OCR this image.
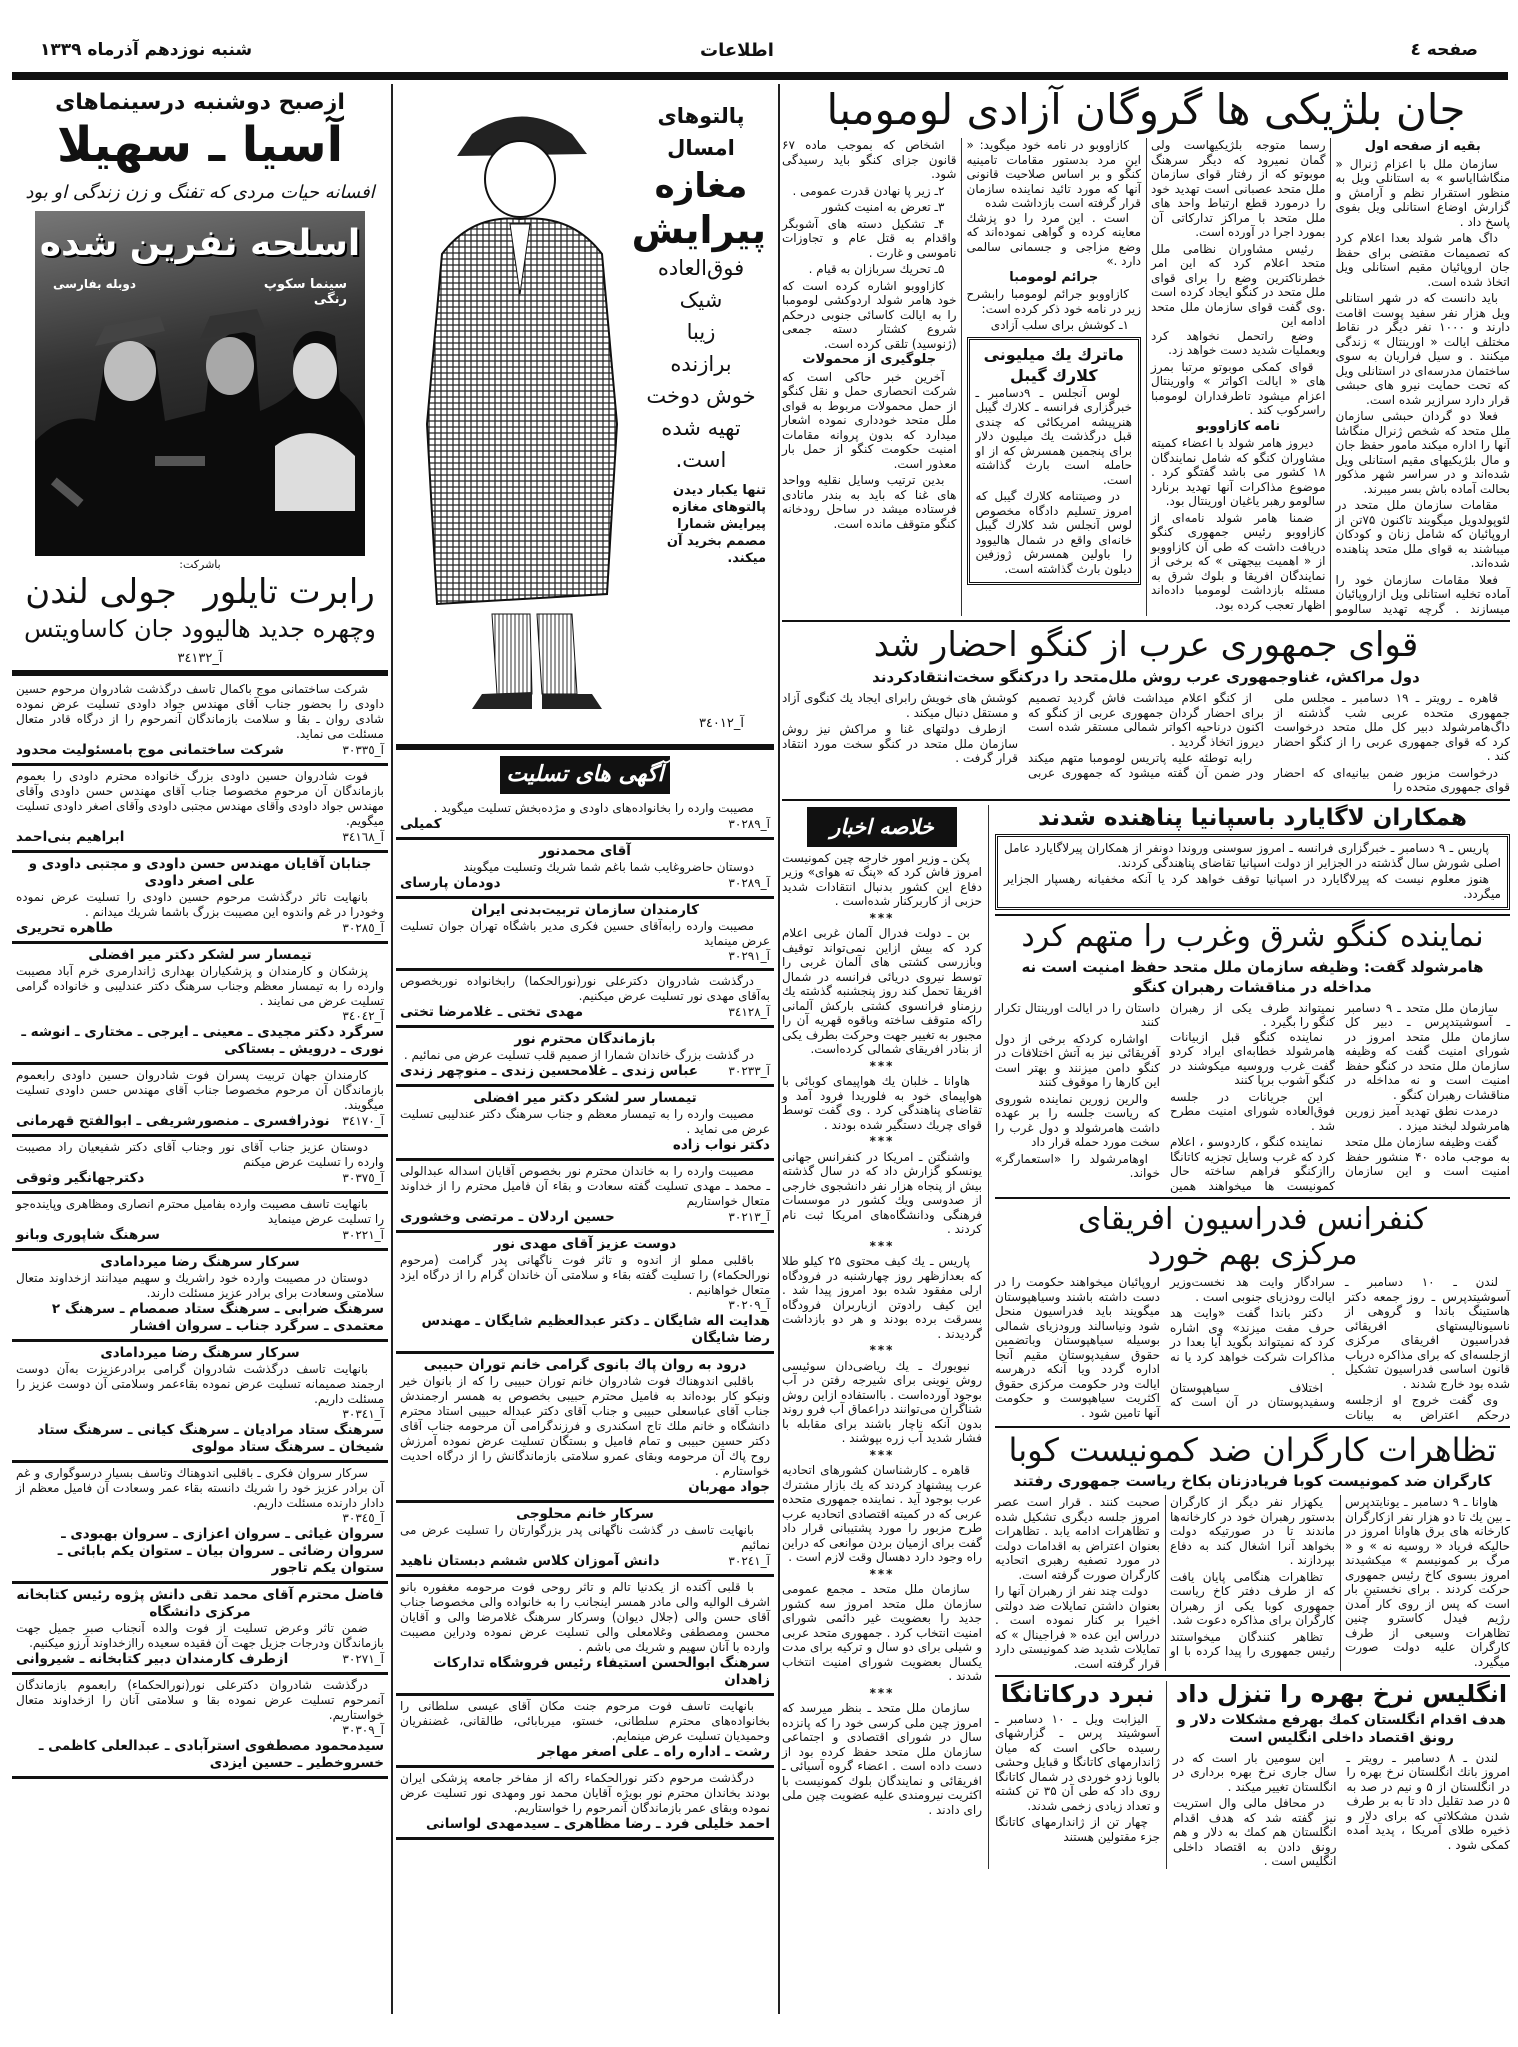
شنبه نوزدهم آذرماه ۱۳۳۹	اطلاعات	صفحه ٤
ازصبح دوشنبه درسینماهای
آسیا ـ سهیلا
افسانه حیات مردی که تفنگ و زن زندگی او بود
اسلحه نفرین شده
سینما سکوپ
رنگی
دوبله بفارسی
باشرکت:
رابرت تایلور
جولی لندن
وچهره جدید هالیوود جان کاساویتس
آ_٣٤١٣٢
شرکت ساختمانی موج باکمال تاسف درگذشت شادروان مرحوم حسین داودی را بحضور جناب آقای مهندس جواد داودی تسلیت عرض نموده شادی روان ـ بقا و سلامت بازماندگان آنمرحوم را از درگاه قادر متعال مسئلت می نماید.
آ_٣٠٣٣٥
شرکت ساختمانی موج بامسئولیت محدود
فوت شادروان حسین داودی بزرگ خانواده محترم داودی را بعموم بازماندگان آن مرحوم مخصوصا جناب آقای مهندس حسن داودی وآقای مهندس جواد داودی وآقای مهندس مجتبی داودی وآقای اصغر داودی تسلیت میگویم.
آ_٣٤١٦٨
ابراهیم بنی‌احمد
جنابان آقایان مهندس حسن داودی و مجتبی داودی و علی اصغر داودی
بانهایت تاثر درگذشت مرحوم حسین داودی را تسلیت عرض نموده وخودرا در غم واندوه این مصیبت بزرگ باشما شریك میدانم .
آ_٣٠٢٨٥
طاهره تحریری
تیمسار سر لشکر دکتر میر افضلی
پزشکان و کارمندان و پزشکیاران بهداری ژاندارمری خرم آباد مصیبت وارده را به تیمسار معظم وجناب سرهنگ دکتر عندلیبی و خانواده گرامی تسلیت عرض می نمایند .
آ_٣٤٠٤٢
سرگرد دکتر مجیدی ـ معینی ـ ایرجی ـ مختاری ـ انوشه ـ نوری ـ درویش ـ بستاکی
کارمندان جهان تربیت پسران فوت شادروان حسین داودی رابعموم بازماندگان آن مرحوم مخصوصا جناب آقای مهندس حسن داودی تسلیت میگویند.
آ_٣٤١٧٠
نوذرافسری ـ منصورشریفی ـ ابوالفتح قهرمانی
دوستان عزیز جناب آقای نور وجناب آقای دکتر شفیعیان راد مصیبت وارده را تسلیت عرض میکنم
آ_٣٠٣٧٥
دکترجهانگیر وثوقی
بانهایت تاسف مصیبت وارده بفامیل محترم انصاری ومظاهری وپاینده‌جو را تسلیت عرض مینماید
آ_٣٠٢٢١
سرهنگ شاپوری وبانو
سرکار سرهنگ رضا میردامادی
دوستان در مصیبت وارده خود راشریك و سهیم میدانند ازخداوند متعال سلامتی وسعادت برای برادر عزیز مسئلت دارند.
سرهنگ ضرابی ـ سرهنگ ستاد صمصام ـ سرهنگ ۲ معتمدی ـ سرگرد جناب ـ سروان افشار
سرکار سرهنگ رضا میردامادی
بانهایت تاسف درگذشت شادروان گرامی برادرعزیزت به‌آن دوست ارجمند صمیمانه تسلیت عرض نموده بقاءعمر وسلامتی آن دوست عزیز را مسئلت داریم.
آ_٣٠٣٤١
سرهنگ ستاد مرادیان ـ سرهنگ کیانی ـ سرهنگ ستاد شیخان ـ سرهنگ ستاد مولوی
سرکار سروان فکری ـ باقلبی اندوهناك وتاسف بسیار درسوگواری و غم آن برادر عزیز خود را شریك دانسته بقاء عمر وسعادت آن فامیل معظم از دادار دارنده مسئلت داریم.
آ_٣٠٣٤٥
سروان غیاثی ـ سروان اعزازی ـ سروان بهبودی ـ سروان رضائی ـ سروان بیان ـ ستوان یکم بابائی ـ ستوان یکم تاجور
فاضل محترم آقای محمد تقی دانش پژوه رئیس کتابخانه مرکزی دانشگاه
ضمن تاثر وعرض تسلیت از فوت والده آنجناب صبر جمیل جهت بازماندگان ودرجات جزیل جهت آن فقیده سعیده راازخداوند آرزو میکنیم.
آ_٣٠٢٧١
ازطرف کارمندان دبیر کتابخانه ـ شیروانی
درگذشت شادروان دکترعلی نور(نورالحکماء) رابعموم بازماندگان آنمرحوم تسلیت عرض نموده بقا و سلامتی آنان را ازخداوند متعال خواستاریم.
آ_٣٠٣٠٩
سیدمحمود مصطفوی استرآبادی ـ عبدالعلی کاظمی ـ خسروخطیر ـ حسین ایزدی
پالتوهای
امسال
مغازه
پیرایش
فوق‌العاده
شیک
زیبا
برازنده
خوش دوخت
تهیه شده
است.
تنها یکبار دیدن پالتوهای مغازه پیرایش شمارا مصمم بخرید آن میکند.
آ_٣٤٠١٢
آگهی های تسلیت
مصیبت وارده را بخانواده‌های داودی و مژده‌بخش تسلیت میگوید .
آ_٣٠٢٨٩
کمیلی
آقای محمدنور
دوستان حاضروغایب شما باغم شما شریك وتسلیت میگویند
آ_٣٠٢٨٩
دودمان پارسای
کارمندان سازمان تربیت‌بدنی ایران
مصیبت وارده رابه‌آقای حسین فکری مدیر باشگاه تهران جوان تسلیت عرض مینماید
آ_٣٠٢٩١
درگذشت شادروان دکترعلی نور(نورالحکما) رابخانواده نوربخصوص به‌آقای مهدی نور تسلیت عرض میکنیم.
آ_٣٤١٢٨
مهدی تختی ـ غلامرضا تختی
بازماندگان محترم نور
در گذشت بزرگ خاندان شمارا از صمیم قلب تسلیت عرض می نمائیم .
آ_٣٠٢٣٣
عباس زندی ـ غلامحسین زندی ـ منوچهر زندی
تیمسار سر لشکر دکتر میر افضلی
مصیبت وارده را به تیمسار معظم و جناب سرهنگ دکتر عندلیبی تسلیت عرض می نماید .
دکتر نواب زاده
مصیبت وارده را به خاندان محترم نور بخصوص آقایان اسداله عبدالولی ـ محمد ـ مهدی تسلیت گفته سعادت و بقاء آن فامیل محترم را از خداوند متعال خواستاریم
آ_٣٠٢١٣
حسین اردلان ـ مرتضی وخشوری
دوست عزیز آقای مهدی نور
باقلبی مملو از اندوه و تاثر فوت ناگهانی پدر گرامت (مرحوم نورالحکماء) را تسلیت گفته بقاء و سلامتی آن خاندان گرام را از درگاه ایزد متعال خواهانیم .
آ_٣٠٢٠٩
هدایت اله شایگان ـ دکتر عبدالعظیم شایگان ـ مهندس رضا شایگان
درود به روان پاك بانوی گرامی خانم توران حبیبی
باقلبی اندوهناك فوت شادروان خانم توران حبیبی را که از بانوان خیر ونیکو کار بوده‌اند به فامیل محترم حبیبی بخصوص به همسر ارجمندش جناب آقای عباسعلی حبیبی و جناب آقای دکتر عبداله حبیبی استاد محترم دانشگاه و خانم ملك تاج اسکندری و فرزندگرامی آن مرحومه جناب آقای دکتر حسین حبیبی و تمام فامیل و بستگان تسلیت عرض نموده آمرزش روح پاك آن مرحومه وبقای عمرو سلامتی بازماندگانش را از درگاه احدیت خواستارم .
جواد مهربان
سرکار خانم محلوجی
بانهایت تاسف در گذشت ناگهانی پدر بزرگوارتان را تسلیت عرض می نمائیم
آ_٣٠٢٤١
دانش آموزان کلاس ششم دبستان ناهید
با قلبی آکنده از یکدنیا تالم و تاثر روحی فوت مرحومه مغفوره بانو اشرف الوالیه والی مادر همسر اینجانب را به خانواده والی مخصوصا جناب آقای حسن والی (جلال دیوان) وسرکار سرهنگ غلامرضا والی و آقایان محسن ومصطفی وغلامعلی والی تسلیت عرض نموده ودراین مصیبت وارده با آنان سهیم و شریك می باشم .
سرهنگ ابوالحسن استیفاء رئیس فروشگاه تدارکات زاهدان
بانهایت تاسف فوت مرحوم جنت مکان آقای عیسی سلطانی را بخانواده‌های محترم سلطانی، خستو، میربابائی، طالقانی، غضنفریان وحمیدیان تسلیت عرض مینمایم.
رشت ـ اداره راه ـ علی اصغر مهاجر
درگذشت مرحوم دکتر نورالحکماء راکه از مفاخر جامعه پزشکی ایران بودند بخاندان محترم نور بویژه آقایان محمد نور ومهدی نور تسلیت عرض نموده وبقای عمر بازماندگان آنمرحوم را خواستاریم.
احمد خلیلی فرد ـ رضا مظاهری ـ سیدمهدی لواسانی
جان بلژیکی ها گروگان آزادی لومومبا
بقیه از صفحه اول

سازمان ملل با اعزام ژنرال « منگاشاایاسو » به استانلی ویل به منظور استقرار نظم و آرامش و گزارش اوضاع استانلی ویل بفوی پاسخ داد .

داگ هامر شولد بعدا اعلام کرد که تصمیمات مقتضی برای حفظ جان اروپائیان مقیم استانلی ویل اتخاذ شده است.

باید دانست که در شهر استانلی ویل هزار نفر سفید پوست اقامت دارند و ۱۰۰۰ نفر دیگر در نقاط مختلف ایالت « اورینتال » زندگی میکنند . و سیل فراریان به سوی ساختمان مدرسه‌ای در استانلی ویل که تحت حمایت نیرو های حبشی قرار دارد سرازیر شده است.

فعلا دو گردان حبشی سازمان ملل متحد که شخص ژنرال منگاشا آنها را اداره میکند مامور حفظ جان و مال بلژیکیهای مقیم استانلی ویل شده‌اند و در سراسر شهر مذکور بحالت آماده باش بسر میبرند.

مقامات سازمان ملل متحد در لئوپولدویل میگویند تاکنون ۷۵تن از اروپائیان که شامل زنان و کودکان میباشند به قوای ملل متحد پناهنده شده‌اند.

فعلا مقامات سازمان خود را آماده تخلیه استانلی ویل ازاروپائیان میسازند . گرچه تهدید سالومو رسما متوجه بلژیکیهاست ولی گمان نمیرود که دیگر سرهنگ موبوتو که از رفتار قوای سازمان ملل متحد عصبانی است تهدید خود را درمورد قطع ارتباط واحد های ملل متحد با مراکز تدارکاتی آن بمورد اجرا در آورده است.

رئیس مشاوران نظامی ملل متحد اعلام کرد که این امر خطرناکترین وضع را برای قوای ملل متحد در کنگو ایجاد کرده است .وی گفت قوای سازمان ملل متحد ادامه این

وضع راتحمل نخواهد کرد وبعملیات شدید دست خواهد زد.

قوای کمکی موبوتو مرتبا بمرز های « ایالت اکواتر » واورینتال اعزام میشود تاطرفداران لومومبا راسرکوب کند .

نامه کازاووبو

دیروز هامر شولد با اعضاء کمیته مشاوران کنگو که شامل نمایندگان ۱۸ کشور می باشد گفتگو کرد . موضوع مذاکرات آنها تهدید برنارد سالومو رهبر یاغیان اورینتال بود.

ضمنا هامر شولد نامه‌ای از کازاووبو رئیس جمهوری کنگو دریافت داشت که طی آن کازاووبو از « اهمیت بیجهتی » که برخی از نمایندگان افریقا و بلوك شرق به مسئله بازداشت لومومبا داده‌اند اظهار تعجب کرده بود.

کازاووبو در نامه خود میگوید: « این مرد بدستور مقامات تامینیه کنگو و بر اساس صلاحیت قانونی آنها که مورد تائید نماینده سازمان قرار گرفته است بازداشت شده

است . این مرد را دو پزشك معاینه کرده و گواهی نموده‌اند که وضع مزاجی و جسمانی سالمی دارد .»

جرائم لومومبا

کازاووبو جرائم لومومبا رابشرح زیر در نامه خود ذکر کرده است:

۱ـ کوشش برای سلب آزادی

ماترك يك ميليونى كلارك گيبل

لوس آنجلس ـ ۹دسامبر ـ خبرگزاری فرانسه ـ کلارك گیبل هنرپیشه امریکائی که چندی قبل درگذشت یك میلیون دلار برای پنجمین همسرش که از او حامله است بارث گذاشته است.

در وصیتنامه کلارك گیبل که امروز تسلیم دادگاه مخصوص لوس آنجلس شد کلارك گیبل خانه‌ای واقع در شمال هالیوود را باولین همسرش ژوزفین دیلون بارث گذاشته است.

اشخاص که بموجب ماده ۶۷ قانون جزای کنگو باید رسیدگی شود.

۲ـ زیر پا نهادن قدرت عمومی .

۳ـ تعرض به امنیت کشور

۴ـ تشکیل دسته های آشوبگر واقدام به قتل عام و تجاوزات ناموسی و غارت .

۵ـ تحریك سربازان به قیام .

کازاووبو اشاره کرده است که خود هامر شولد اردوکشی لومومبا را به ایالت کاسائی جنوبی درحکم شروع کشتار دسته جمعی (ژنوسید) تلقی کرده است.

جلوگیری از محمولات

آخرین خبر حاکی است که شرکت انحصاری حمل و نقل کنگو از حمل محمولات مربوط به قوای ملل متحد خودداری نموده اشعار میدارد که بدون پروانه مقامات امنیت حکومت کنگو از حمل بار معذور است.

بدین ترتیب وسایل نقلیه وواحد های غنا که باید به بندر ماتادی فرستاده میشد در ساحل رودخانه کنگو متوقف مانده است.

قوای جمهوری عرب از کنگو احضار شد
دول مراکش، غناوجمهوری عرب روش ملل‌متحد را درکنگو سخت‌انتقادکردند

قاهره ـ رویتر ـ ۱۹ دسامبر ـ مجلس ملی جمهوری متحده عربی شب گذشته از داگ‌هامرشولد دبیر کل ملل متحد درخواست کرد که قوای جمهوری عربی را از کنگو احضار کند .

درخواست مزبور ضمن بیانیه‌ای که احضار قوای جمهوری متحده را

از کنگو اعلام میداشت فاش گردید تصمیم برای احضار گردان جمهوری عربی از کنگو که اکنون درناحیه اکواتر شمالی مستقر شده است دیروز اتخاذ گردید .

رابه توطئه علیه پاتریس لومومبا متهم میکند ودر ضمن آن گفته میشود که جمهوری عربی کوشش های خویش رابرای ایجاد یك کنگوی آزاد و مستقل دنبال میکند .

ازطرف دولتهای غنا و مراکش نیز روش سازمان ملل متحد در کنگو سخت مورد انتقاد قرار گرفت .

همکاران لاگایارد باسپانیا پناهنده شدند

پاریس ـ ۹ دسامبر ـ خبرگزاری فرانسه ـ امروز سوسنی وروندا دونفر از همکاران پیرلاگایارد عامل اصلی شورش سال گذشته در الجزایر از دولت اسپانیا تقاضای پناهندگی کردند.

هنوز معلوم نیست که پیرلاگایارد در اسپانیا توقف خواهد کرد یا آنکه مخفیانه رهسپار الجزایر میگردد.

نماینده کنگو شرق وغرب را متهم کرد
هامرشولد گفت: وظیفه سازمان ملل متحد حفظ امنیت است نه مداخله در مناقشات رهبران کنگو

سازمان ملل متحد ـ ۹ دسامبر ـ آسوشیتدپرس ـ دبیر کل سازمان ملل متحد امروز در شورای امنیت گفت که وظیفه سازمان ملل متحد در کنگو حفظ امنیت است و نه مداخله در مناقشات رهبران کنگو .

درمدت نطق تهدید آمیز زورین هامرشولد لبخند میزد .

گفت وظیفه سازمان ملل متحد به موجب ماده ۴۰ منشور حفظ امنیت است و این سازمان نمیتواند طرف یکی از رهبران کنگو را بگیرد .

نماینده کنگو قبل ازبیانات هامرشولد خطابه‌ای ایراد کردو گفت غرب وروسیه میکوشند در کنگو آشوب برپا کنند

این جریانات در جلسه فوق‌العاده شورای امنیت مطرح شد .

نماینده کنگو ، کاردوسو ، اعلام کرد که غرب وسایل تجزیه کاتانگا راازکنگو فراهم ساخته حال کمونیست ها میخواهند همین داستان را در ایالت اورینتال تکرار کنند

اواشاره کردکه برخی از دول آفریقائی نیز به آتش اختلافات در کنگو دامن میزنند و بهتر است این کارها را موقوف کنند

والرین زورین نماینده شوروی که ریاست جلسه را بر عهده داشت هامرشولد و دول غرب را سخت مورد حمله قرار داد

اوهامرشولد را «استعمارگر» خواند.

کنفرانس فدراسیون افریقای
مرکزی بهم خورد

لندن ـ ۱۰ دسامبر ـ آسوشیتدپرس ـ روز جمعه دکتر هاستینگ باندا و گروهی از ناسیونالیستهای افریقائی فدراسیون افریقای مرکزی ازجلسه‌ای که برای مذاکره درباب قانون اساسی فدراسیون تشکیل شده بود خارج شدند .

وی گفت خروج او ازجلسه درحکم اعتراض به بیانات سرادگار وایت هد نخست‌وزیر ایالت رودزیای جنوبی است .

دکتر باندا گفت «وایت هد حرف مفت میزند» وی اشاره کرد که نمیتواند بگوید آیا بعدا در مذاکرات شرکت خواهد کرد یا نه .

اختلاف سیاهپوستان وسفیدپوستان در آن است که اروپائیان میخواهند حکومت را در دست داشته باشند وسیاهپوستان میگویند باید فدراسیون منحل شود ونیاسالند ورودزیای شمالی بوسیله سیاهپوستان وباتضمین حقوق سفیدپوستان مقیم آنجا اداره گردد ویا آنکه درهرسه ایالت ودر حکومت مرکزی حقوق اکثریت سیاهپوست و حکومت آنها تامین شود .

تظاهرات کارگران ضد کمونیست کوبا
کارگران ضد کمونیست کوبا فریادزنان بکاخ ریاست جمهوری رفتند

هاوانا ـ ۹ دسامبر ـ یونایتدپرس ـ بین یك تا دو هزار نفر ازکارگران کارخانه های برق هاوانا امروز در حالیکه فریاد « روسیه نه » و « مرگ بر کمونیسم » میکشیدند امروز بسوی کاخ رئیس جمهوری حرکت کردند . برای نخستین بار است که پس از روی کار آمدن رژیم فیدل کاسترو چنین تظاهرات وسیعی از طرف کارگران علیه دولت صورت میگیرد.

یکهزار نفر دیگر از کارگران بدستور رهبران خود در کارخانه‌ها ماندند تا در صورتیکه دولت بخواهد آنرا اشغال کند به دفاع بپردازند .

تظاهرات هنگامی پایان یافت که از طرف دفتر کاخ ریاست جمهوری کوبا یکی از رهبران کارگران برای مذاکره دعوت شد.

تظاهر کنندگان میخواستند رئیس جمهوری را پیدا کرده با او صحبت کنند . قرار است عصر امروز جلسه دیگری تشکیل شده و تظاهرات ادامه یابد . تظاهرات بعنوان اعتراض به اقدامات دولت در مورد تصفیه رهبری اتحادیه کارگران صورت گرفته است.

دولت چند نفر از رهبران آنها را بعنوان داشتن تمایلات ضد دولتی اخیرا بر کنار نموده است . درراس این عده « فراجینال » که تمایلات شدید ضد کمونیستی دارد قرار گرفته است.

انگلیس نرخ بهره را تنزل داد
هدف اقدام انگلستان کمك بهرفع مشکلات دلار و رونق اقتصاد داخلی انگلیس است

لندن ـ ۸ دسامبر ـ رویتر ـ امروز بانك انگلستان نرخ بهره را در انگلستان از ۵ و نیم در صد به ۵ در صد تقلیل داد تا به بر طرف شدن مشکلاتی که برای دلار و ذخیره طلای آمریکا ، پدید آمده کمکی شود .

این سومین بار است که در سال جاری نرخ بهره برداری در انگلستان تغییر میکند .

در محافل مالی وال استریت نیز گفته شد که هدف اقدام انگلستان هم کمك به دلار و هم رونق دادن به اقتصاد داخلی انگلیس است .

نبرد درکاتانگا

الیزابت ویل ـ ۱۰ دسامبر ـ آسوشیتد پرس ـ گزارشهای رسیده حاکی است که میان ژاندارمهای کاتانگا و قبایل وحشی بالوبا زدو خوردی در شمال کاتانگا روی داد که طی آن ۳۵ تن کشته و تعداد زیادی زخمی شدند.

چهار تن از ژاندارمهای کاتانگا جزء مقتولین هستند

خلاصه اخبار

پکن ـ وزیر امور خارجه چین کمونیست امروز فاش کرد که «پنگ ته هوای» وزیر دفاع این کشور بدنبال انتقادات شدید حزبی از کاربرکنار شده‌است .

***

بن ـ دولت فدرال آلمان غربی اعلام کرد که بیش ازاین نمی‌تواند توقیف وبازرسی کشتی های آلمان غربی را توسط نیروی دریائی فرانسه در شمال افریقا تحمل کند روز پنجشنبه گذشته یك رزمناو فرانسوی کشتی بارکش آلمانی راکه متوقف ساخته وباقوه قهریه آن را مجبور به تغییر جهت وحرکت بطرف یکی از بنادر افریقای شمالی کرده‌است.

***

هاوانا ـ خلبان یك هواپیمای کوبائی با هواپیمای خود به فلوریدا فرود آمد و تقاضای پناهندگی کرد . وی گفت توسط قوای چریك دستگیر شده بودند .

***

واشنگتن ـ امریکا در کنفرانس جهانی یونسکو گزارش داد که در سال گذشته بیش از پنجاه هزار نفر دانشجوی خارجی از صدوسی ویك کشور در موسسات فرهنگی ودانشگاه‌های امریکا ثبت نام کردند .

***

پاریس ـ یك کیف محتوی ۲۵ کیلو طلا که بعدازظهر روز چهارشنبه در فرودگاه ارلی مفقود شده بود امروز پیدا شد . این کیف رادوتن ازباربران فرودگاه بسرقت برده بودند و هر دو بازداشت گردیدند .

***

نیویورك ـ یك ریاضی‌دان سوئیسی روش نوینی برای شیرجه رفتن در آب بوجود آورده‌است . بااستفاده ازاین روش شناگران می‌توانند دراعماق آب فرو روند بدون آنکه ناچار باشند برای مقابله با فشار شدید آب زره بپوشند .

***

قاهره ـ کارشناسان کشورهای اتحادیه عرب پیشنهاد کردند که یك بازار مشترك عرب بوجود آید . نماینده جمهوری متحده عربی که در کمیته اقتصادی اتحادیه عرب طرح مزبور را مورد پشتیبانی قرار داد گفت برای ازمیان بردن موانعی که دراین راه وجود دارد دهسال وقت لازم است .

***

سازمان ملل متحد ـ مجمع عمومی سازمان ملل متحد امروز سه کشور جدید را بعضویت غیر دائمی شورای امنیت انتخاب کرد . جمهوری متحد عربی و شیلی برای دو سال و ترکیه برای مدت یکسال بعضویت شورای امنیت انتخاب شدند .

***

سازمان ملل متحد ـ بنظر میرسد که امروز چین ملی کرسی خود را که پانزده سال در شورای اقتصادی و اجتماعی سازمان ملل متحد حفظ کرده بود از دست داده است . اعضاء گروه آسیائی ـ افریقائی و نمایندگان بلوك کمونیست با اکثریت نیرومندی علیه عضویت چین ملی رای دادند .
